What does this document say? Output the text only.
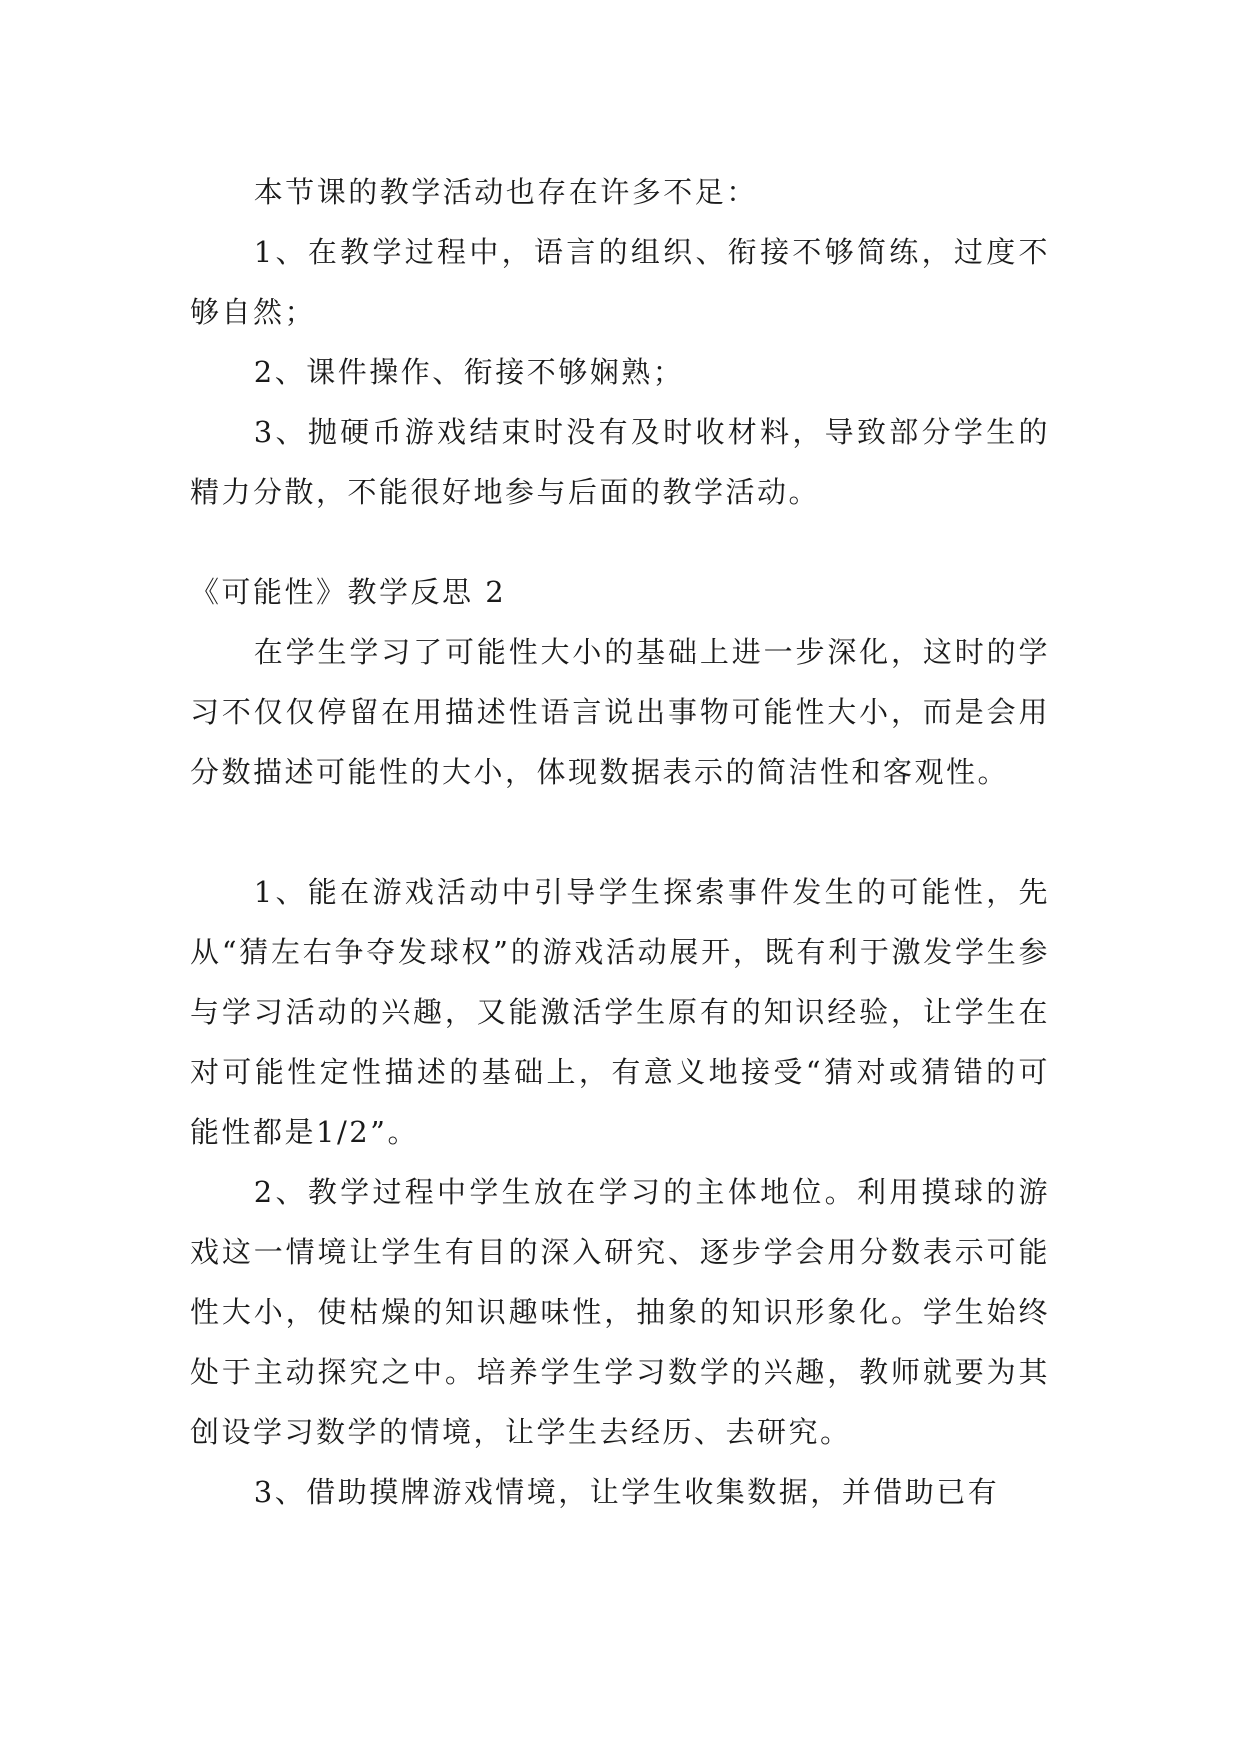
本节课的教学活动也存在许多不足：

1、在教学过程中，语言的组织、衔接不够简练，过度不够自然；

2、课件操作、衔接不够娴熟；

3、抛硬币游戏结束时没有及时收材料，导致部分学生的精力分散，不能很好地参与后面的教学活动。

《可能性》教学反思 2

在学生学习了可能性大小的基础上进一步深化，这时的学习不仅仅停留在用描述性语言说出事物可能性大小，而是会用分数描述可能性的大小，体现数据表示的简洁性和客观性。

1、能在游戏活动中引导学生探索事件发生的可能性，先从“猜左右争夺发球权”的游戏活动展开，既有利于激发学生参与学习活动的兴趣，又能激活学生原有的知识经验，让学生在对可能性定性描述的基础上，有意义地接受“猜对或猜错的可能性都是1/2”。

2、教学过程中学生放在学习的主体地位。利用摸球的游戏这一情境让学生有目的深入研究、逐步学会用分数表示可能性大小，使枯燥的知识趣味性，抽象的知识形象化。学生始终处于主动探究之中。培养学生学习数学的兴趣，教师就要为其创设学习数学的情境，让学生去经历、去研究。

3、借助摸牌游戏情境，让学生收集数据，并借助已有
